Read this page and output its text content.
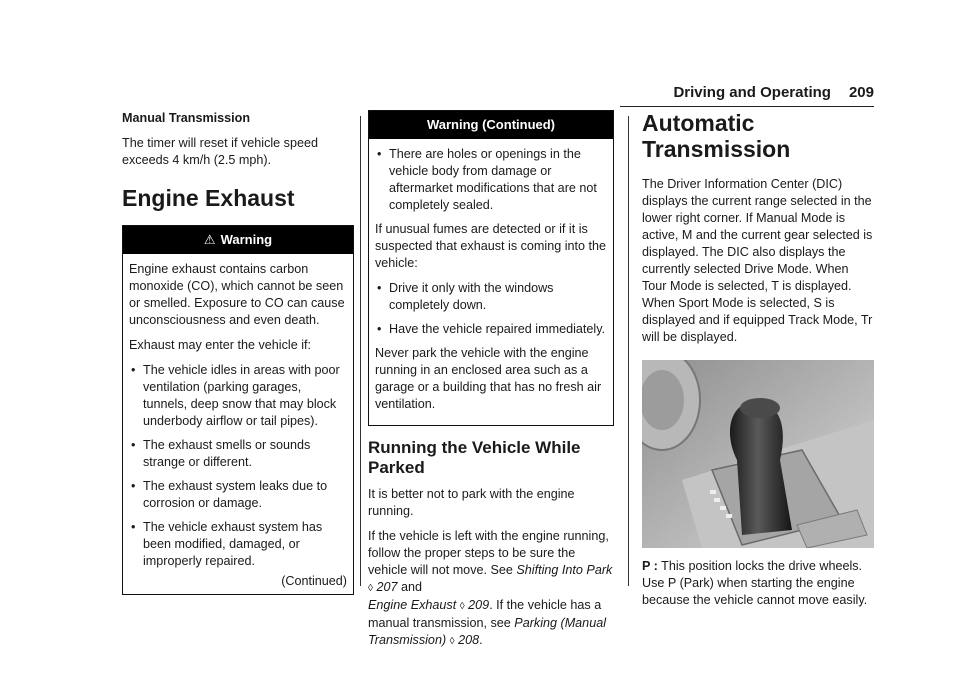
Driving and Operating 209

Manual Transmission

The timer will reset if vehicle speed exceeds 4 km/h (2.5 mph).

Engine Exhaust
⚠ Warning

Engine exhaust contains carbon monoxide (CO), which cannot be seen or smelled. Exposure to CO can cause unconsciousness and even death.

Exhaust may enter the vehicle if:

• The vehicle idles in areas with poor ventilation (parking garages, tunnels, deep snow that may block underbody airflow or tail pipes).
• The exhaust smells or sounds strange or different.
• The exhaust system leaks due to corrosion or damage.
• The vehicle exhaust system has been modified, damaged, or improperly repaired.
(Continued)
Warning (Continued)
• There are holes or openings in the vehicle body from damage or aftermarket modifications that are not completely sealed.

If unusual fumes are detected or if it is suspected that exhaust is coming into the vehicle:

• Drive it only with the windows completely down.
• Have the vehicle repaired immediately.

Never park the vehicle with the engine running in an enclosed area such as a garage or a building that has no fresh air ventilation.

Running the Vehicle While Parked

It is better not to park with the engine running.

If the vehicle is left with the engine running, follow the proper steps to be sure the vehicle will not move. See Shifting Into Park
◊ 207 and
Engine Exhaust ◊ 209. If the vehicle has a manual transmission, see Parking (Manual Transmission) ◊ 208.

Automatic Transmission

The Driver Information Center (DIC) displays the current range selected in the lower right corner. If Manual Mode is active, M and the current gear selected is displayed. The DIC also displays the currently selected Drive Mode. When Tour Mode is selected, T is displayed. When Sport Mode is selected, S is displayed and if equipped Track Mode, Tr will be displayed.

P : This position locks the drive wheels. Use P (Park) when starting the engine because the vehicle cannot move easily.
